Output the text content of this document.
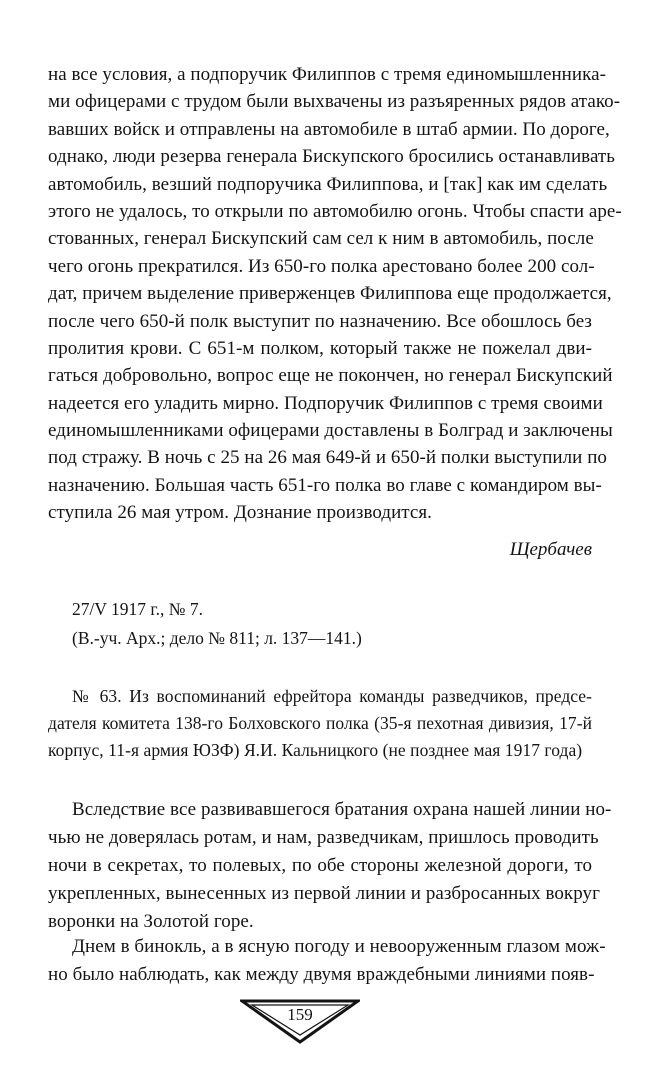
на все условия, а подпоручик Филиппов с тремя единомышленника-
ми офицерами с трудом были выхвачены из разъяренных рядов атако-
вавших войск и отправлены на автомобиле в штаб армии. По дороге,
однако, люди резерва генерала Бискупского бросились останавливать
автомобиль, везший подпоручика Филиппова, и [так] как им сделать
этого не удалось, то открыли по автомобилю огонь. Чтобы спасти аре-
стованных, генерал Бискупский сам сел к ним в автомобиль, после
чего огонь прекратился. Из 650-го полка арестовано более 200 сол-
дат, причем выделение приверженцев Филиппова еще продолжается,
после чего 650-й полк выступит по назначению. Все обошлось без
пролития крови. С 651-м полком, который также не пожелал дви-
гаться добровольно, вопрос еще не покончен, но генерал Бискупский
надеется его уладить мирно. Подпоручик Филиппов с тремя своими
единомышленниками офицерами доставлены в Болград и заключены
под стражу. В ночь с 25 на 26 мая 649-й и 650-й полки выступили по
назначению. Большая часть 651-го полка во главе с командиром вы-
ступила 26 мая утром. Дознание производится.
Щербачев
27/V 1917 г., № 7.
(В.-уч. Арх.; дело № 811; л. 137—141.)
№ 63. Из воспоминаний ефрейтора команды разведчиков, предсе-
дателя комитета 138-го Болховского полка (35-я пехотная дивизия, 17-й
корпус, 11-я армия ЮЗФ) Я.И. Кальницкого (не позднее мая 1917 года)
Вследствие все развивавшегося братания охрана нашей линии но-
чью не доверялась ротам, и нам, разведчикам, пришлось проводить
ночи в секретах, то полевых, по обе стороны железной дороги, то
укрепленных, вынесенных из первой линии и разбросанных вокруг
воронки на Золотой горе.
Днем в бинокль, а в ясную погоду и невооруженным глазом мож-
но было наблюдать, как между двумя враждебными линиями появ-
159
